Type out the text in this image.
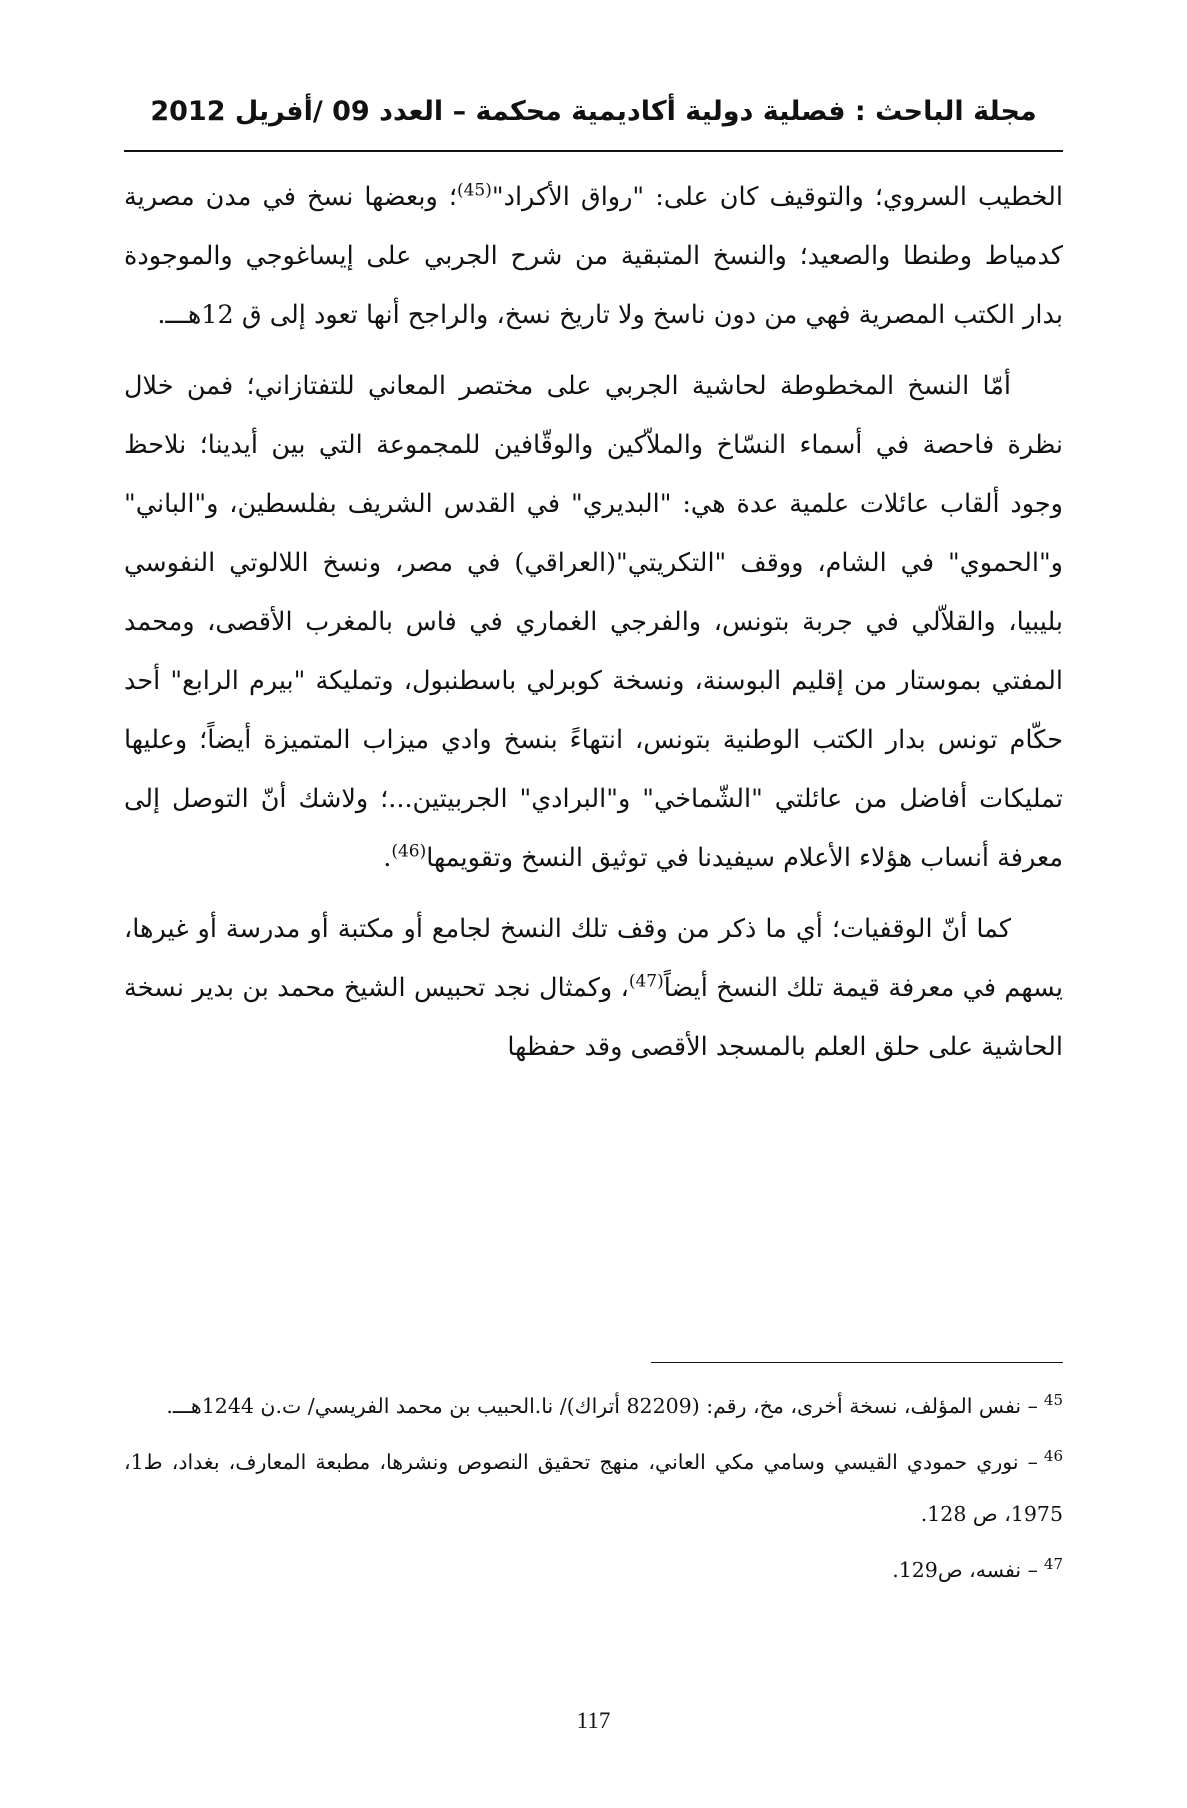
مجلة الباحث : فصلية دولية أكاديمية محكمة – العدد 09 /أفريل 2012

الخطيب السروي؛ والتوقيف كان على: "رواق الأكراد"$^{(45)}$؛ وبعضها نسخ في مدن مصرية كدمياط وطنطا والصعيد؛ والنسخ المتبقية من شرح الجربي على إيساغوجي والموجودة بدار الكتب المصرية فهي من دون ناسخ ولا تاريخ نسخ، والراجح أنها تعود إلى ق 12هـــ.

أمّا النسخ المخطوطة لحاشية الجربي على مختصر المعاني للتفتازاني؛ فمن خلال نظرة فاحصة في أسماء النسّاخ والملاّكين والوقّافين للمجموعة التي بين أيدينا؛ نلاحظ وجود ألقاب عائلات علمية عدة هي: "البديري" في القدس الشريف بفلسطين، و"الباني" و"الحموي" في الشام، ووقف "التكريتي"(العراقي) في مصر، ونسخ اللالوتي النفوسي بليبيا، والقلاّلي في جربة بتونس، والفرجي الغماري في فاس بالمغرب الأقصى، ومحمد المفتي بموستار من إقليم البوسنة، ونسخة كوبرلي باسطنبول، وتمليكة "بيرم الرابع" أحد حكّام تونس بدار الكتب الوطنية بتونس، انتهاءً بنسخ وادي ميزاب المتميزة أيضاً؛ وعليها تمليكات أفاضل من عائلتي "الشّماخي" و"البرادي" الجربيتين...؛ ولاشك أنّ التوصل إلى معرفة أنساب هؤلاء الأعلام سيفيدنا في توثيق النسخ وتقويمها$^{(46)}$.

كما أنّ الوقفيات؛ أي ما ذكر من وقف تلك النسخ لجامع أو مكتبة أو مدرسة أو غيرها، يسهم في معرفة قيمة تلك النسخ أيضاً$^{(47)}$، وكمثال نجد تحبيس الشيخ محمد بن بدير نسخة الحاشية على حلق العلم بالمسجد الأقصى وقد حفظها

$^{45}$– نفس المؤلف، نسخة أخرى، مخ، رقم: (82209 أتراك)/ نا.الحبيب بن محمد الفريسي/ ت.ن 1244هـــ.
$^{46}$– نوري حمودي القيسي وسامي مكي العاني، منهج تحقيق النصوص ونشرها، مطبعة المعارف، بغداد، ط1، 1975، ص 128.
$^{47}$– نفسه، ص129.
117
